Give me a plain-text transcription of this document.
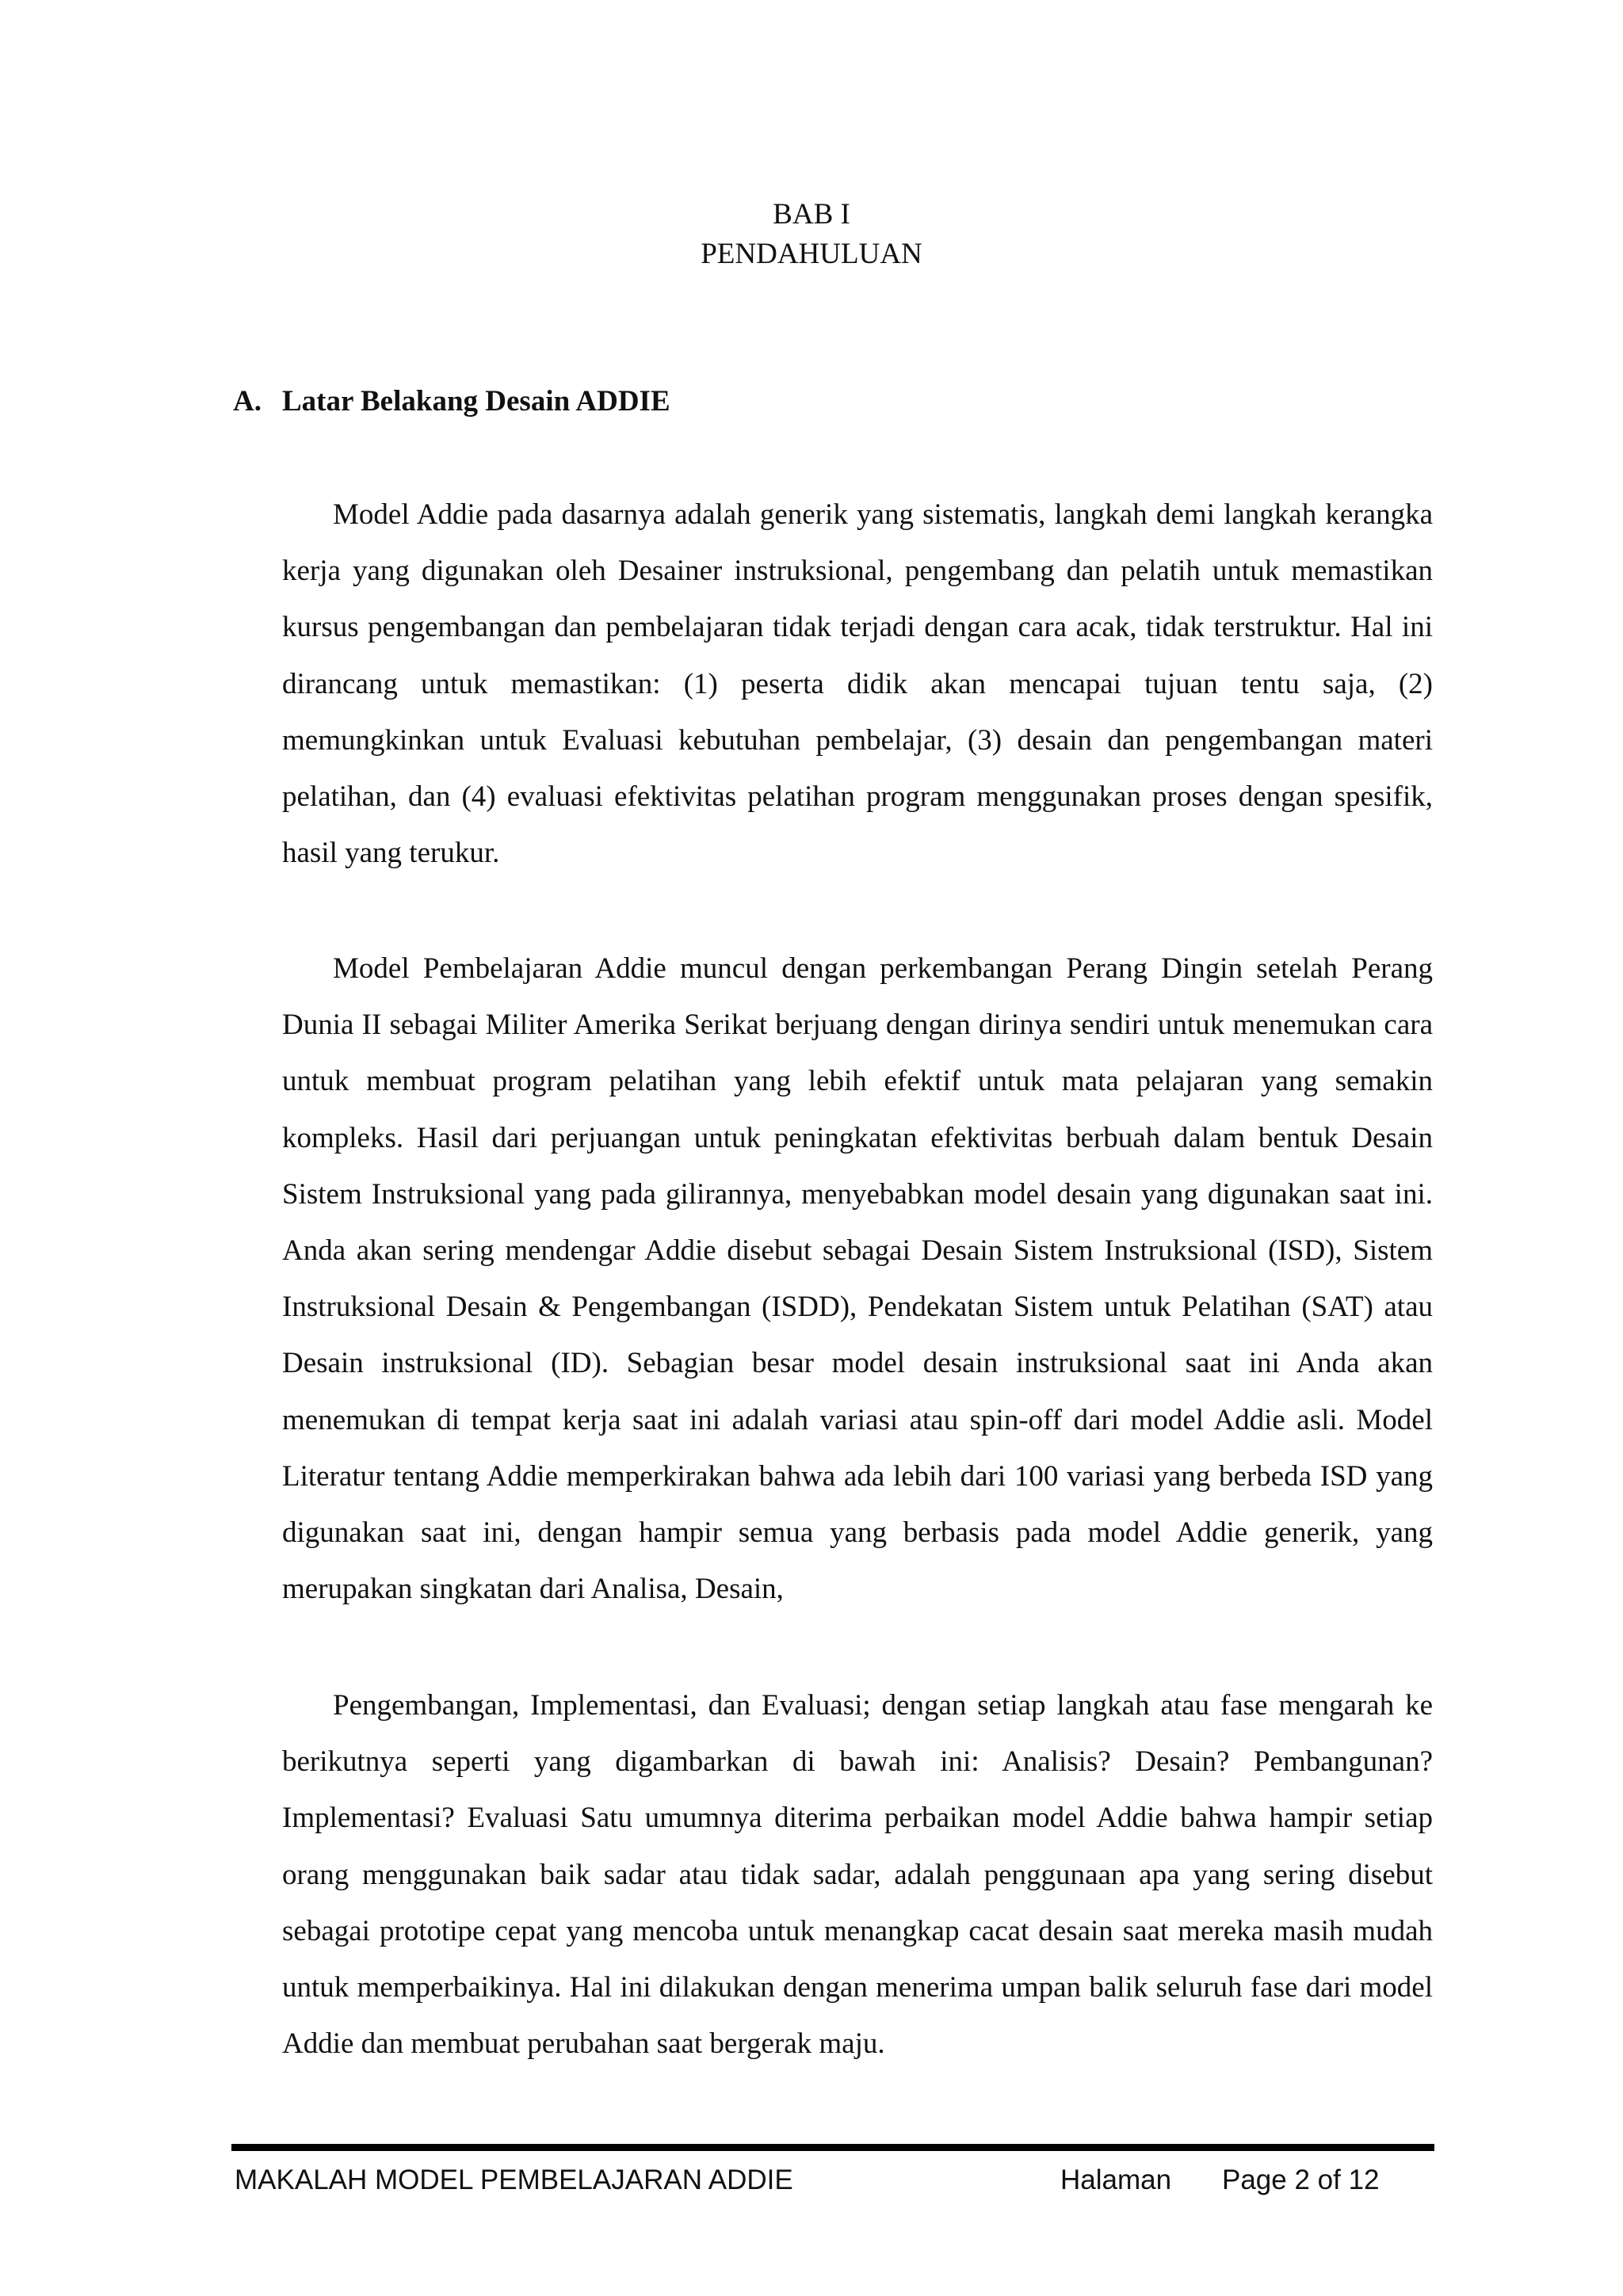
BAB I
PENDAHULUAN
A. Latar Belakang Desain ADDIE

Model Addie pada dasarnya adalah generik yang sistematis, langkah demi langkah kerangka kerja yang digunakan oleh Desainer instruksional, pengembang dan pelatih untuk memastikan kursus pengembangan dan pembelajaran tidak terjadi dengan cara acak, tidak terstruktur. Hal ini dirancang untuk memastikan: (1) peserta didik akan mencapai tujuan tentu saja, (2) memungkinkan untuk Evaluasi kebutuhan pembelajar, (3) desain dan pengembangan materi pelatihan, dan (4) evaluasi efektivitas pelatihan program menggunakan proses dengan spesifik, hasil yang terukur.

Model Pembelajaran Addie muncul dengan perkembangan Perang Dingin setelah Perang Dunia II sebagai Militer Amerika Serikat berjuang dengan dirinya sendiri untuk menemukan cara untuk membuat program pelatihan yang lebih efektif untuk mata pelajaran yang semakin kompleks. Hasil dari perjuangan untuk peningkatan efektivitas berbuah dalam bentuk Desain Sistem Instruksional yang pada gilirannya, menyebabkan model desain yang digunakan saat ini. Anda akan sering mendengar Addie disebut sebagai Desain Sistem Instruksional (ISD), Sistem Instruksional Desain & Pengembangan (ISDD), Pendekatan Sistem untuk Pelatihan (SAT) atau Desain instruksional (ID). Sebagian besar model desain instruksional saat ini Anda akan menemukan di tempat kerja saat ini adalah variasi atau spin-off dari model Addie asli. Model Literatur tentang Addie memperkirakan bahwa ada lebih dari 100 variasi yang berbeda ISD yang digunakan saat ini, dengan hampir semua yang berbasis pada model Addie generik, yang merupakan singkatan dari Analisa, Desain,

Pengembangan, Implementasi, dan Evaluasi; dengan setiap langkah atau fase mengarah ke berikutnya seperti yang digambarkan di bawah ini: Analisis? Desain? Pembangunan? Implementasi? Evaluasi Satu umumnya diterima perbaikan model Addie bahwa hampir setiap orang menggunakan baik sadar atau tidak sadar, adalah penggunaan apa yang sering disebut sebagai prototipe cepat yang mencoba untuk menangkap cacat desain saat mereka masih mudah untuk memperbaikinya. Hal ini dilakukan dengan menerima umpan balik seluruh fase dari model Addie dan membuat perubahan saat bergerak maju.

MAKALAH MODEL PEMBELAJARAN ADDIE	Halaman Page 2 of 12
